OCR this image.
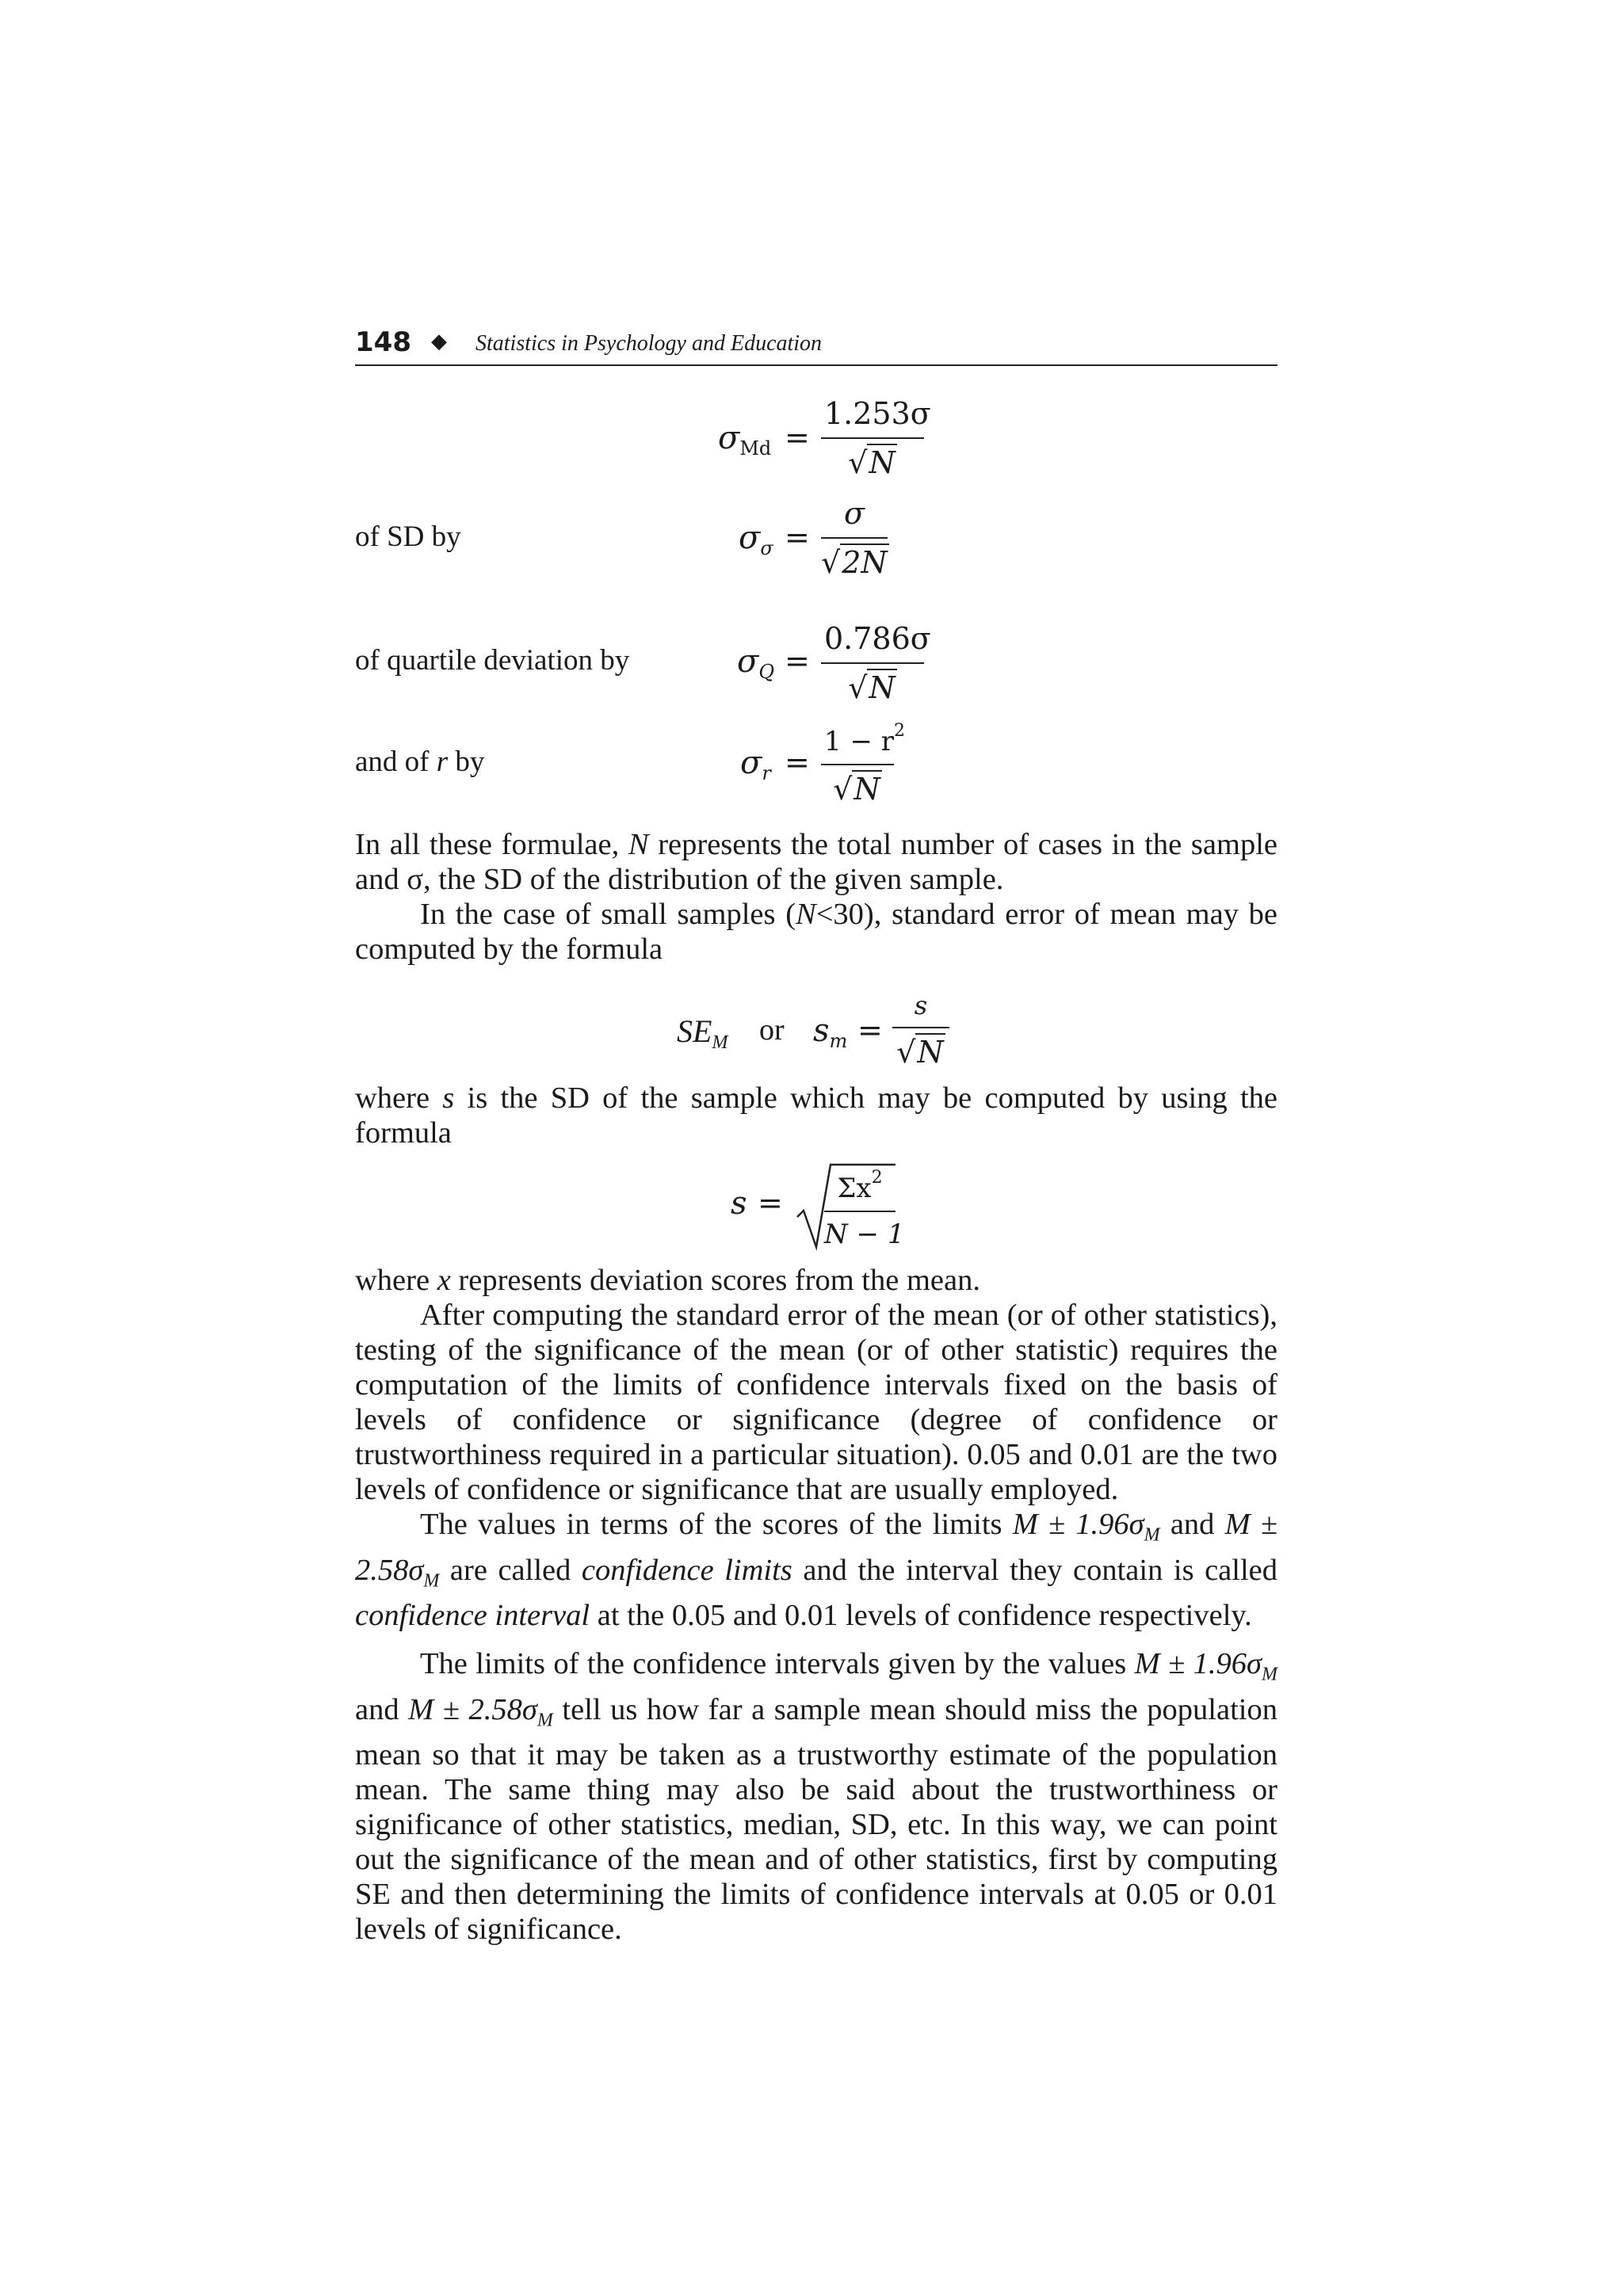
148 ◆ Statistics in Psychology and Education
$\sigma_{Md} = \frac{1.253\sigma}{√N}$
of SD by	$\sigma_\sigma = \frac{\sigma}{√2N}$
of quartile deviation by	$\sigma_Q = \frac{0.786\sigma}{√N}$
and of r by	$\sigma_r = \frac{1 - r^2}{√N}$

In all these formulae, N represents the total number of cases in the sample and σ, the SD of the distribution of the given sample.

In the case of small samples (N<30), standard error of mean may be computed by the formula

$SE_M$ or $s_m$ =
s
√N

where s is the SD of the sample which may be computed by using the formula

$s = \frac{\Sigma x^2}{N - 1}$

where x represents deviation scores from the mean.

After computing the standard error of the mean (or of other statistics), testing of the significance of the mean (or of other statistic) requires the computation of the limits of confidence intervals fixed on the basis of levels of confidence or significance (degree of confidence or trustworthiness required in a particular situation). 0.05 and 0.01 are the two levels of confidence or significance that are usually employed.

The values in terms of the scores of the limits $M \pm 1.96\sigma_M$ and $M \pm 2.58\sigma_M$ are called confidence limits and the interval they contain is called confidence interval at the 0.05 and 0.01 levels of confidence respectively.

The limits of the confidence intervals given by the values $M \pm 1.96\sigma_M$ and $M \pm 2.58\sigma_M$ tell us how far a sample mean should miss the population mean so that it may be taken as a trustworthy estimate of the population mean. The same thing may also be said about the trustworthiness or significance of other statistics, median, SD, etc. In this way, we can point out the significance of the mean and of other statistics, first by computing SE and then determining the limits of confidence intervals at 0.05 or 0.01 levels of significance.
